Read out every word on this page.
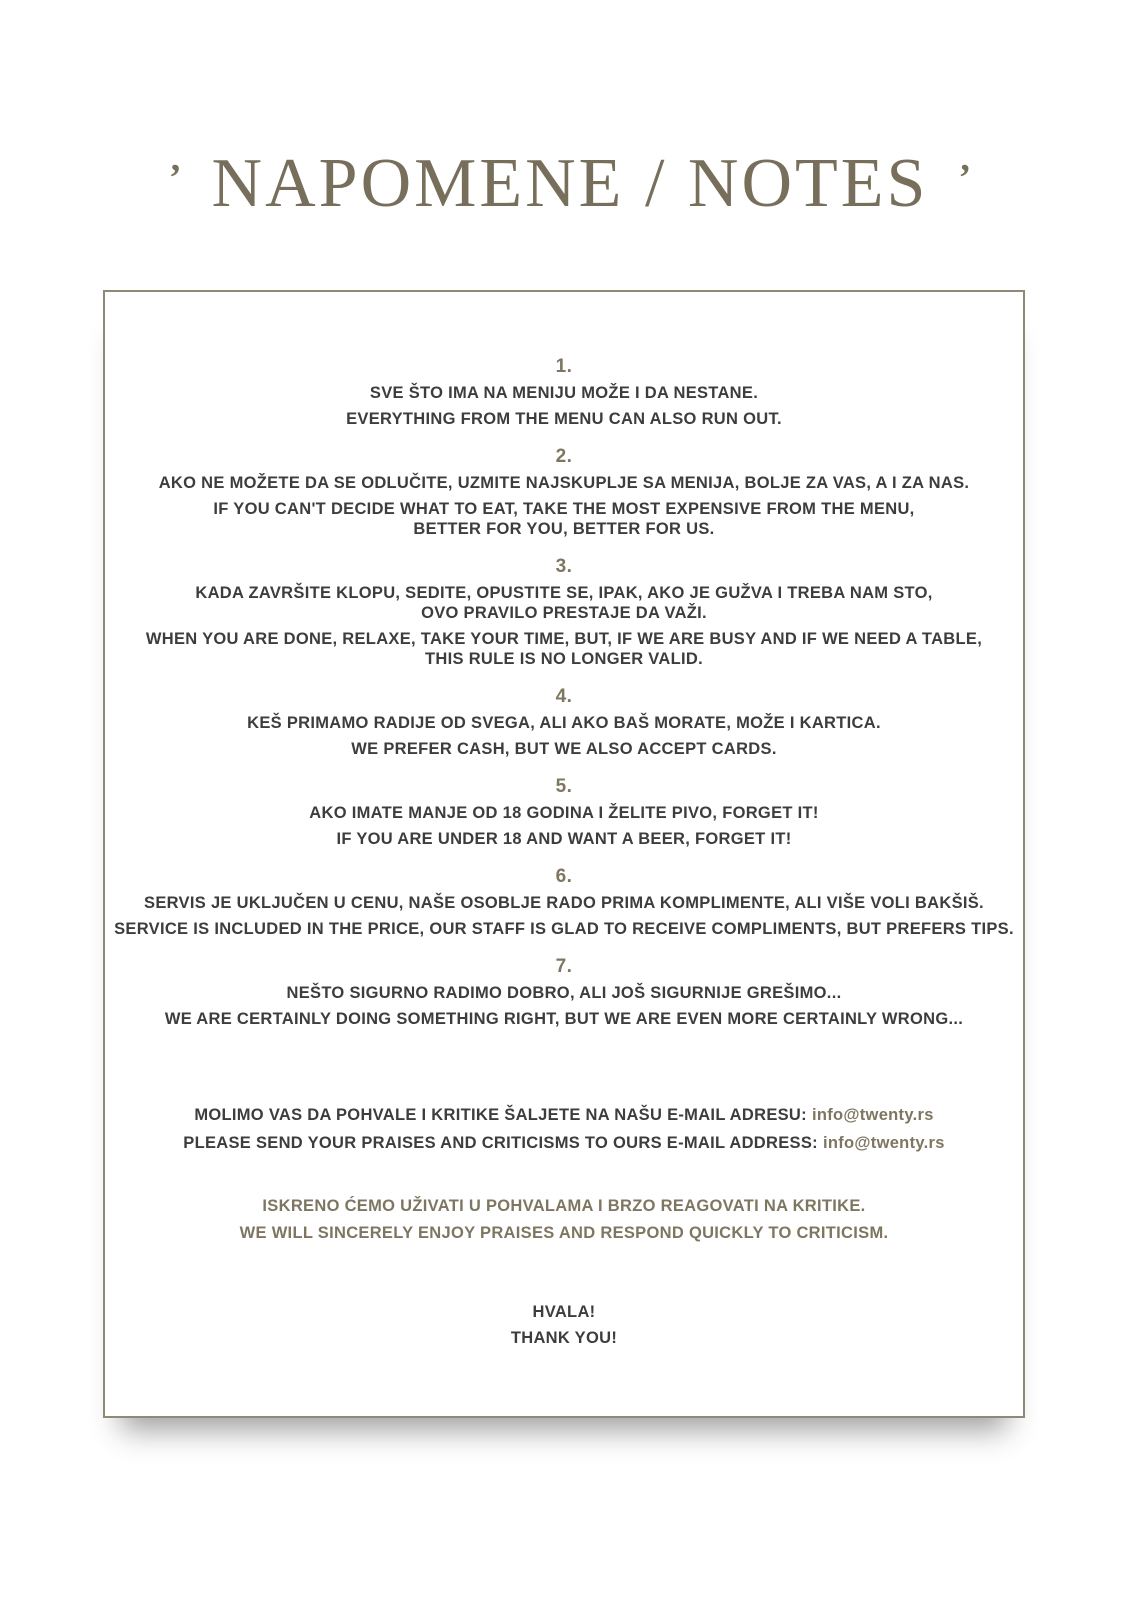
’ NAPOMENE / NOTES ’
1.
SVE ŠTO IMA NA MENIJU MOŽE I DA NESTANE.
EVERYTHING FROM THE MENU CAN ALSO RUN OUT.
2.
AKO NE MOŽETE DA SE ODLUČITE, UZMITE NAJSKUPLJE SA MENIJA, BOLJE ZA VAS, A I ZA NAS.
IF YOU CAN'T DECIDE WHAT TO EAT, TAKE THE MOST EXPENSIVE FROM THE MENU,
BETTER FOR YOU, BETTER FOR US.
3.
KADA ZAVRŠITE KLOPU, SEDITE, OPUSTITE SE, IPAK, AKO JE GUŽVA I TREBA NAM STO,
OVO PRAVILO PRESTAJE DA VAŽI.
WHEN YOU ARE DONE, RELAXE, TAKE YOUR TIME, BUT, IF WE ARE BUSY AND IF WE NEED A TABLE,
THIS RULE IS NO LONGER VALID.
4.
KEŠ PRIMAMO RADIJE OD SVEGA, ALI AKO BAŠ MORATE, MOŽE I KARTICA.
WE PREFER CASH, BUT WE ALSO ACCEPT CARDS.
5.
AKO IMATE MANJE OD 18 GODINA I ŽELITE PIVO, FORGET IT!
IF YOU ARE UNDER 18 AND WANT A BEER, FORGET IT!
6.
SERVIS JE UKLJUČEN U CENU, NAŠE OSOBLJE RADO PRIMA KOMPLIMENTE, ALI VIŠE VOLI BAKŠIŠ.
SERVICE IS INCLUDED IN THE PRICE, OUR STAFF IS GLAD TO RECEIVE COMPLIMENTS, BUT PREFERS TIPS.
7.
NEŠTO SIGURNO RADIMO DOBRO, ALI JOŠ SIGURNIJE GREŠIMO...
WE ARE CERTAINLY DOING SOMETHING RIGHT, BUT WE ARE EVEN MORE CERTAINLY WRONG...
MOLIMO VAS DA POHVALE I KRITIKE ŠALJETE NA NAŠU E-MAIL ADRESU: info@twenty.rs
PLEASE SEND YOUR PRAISES AND CRITICISMS TO OURS E-MAIL ADDRESS: info@twenty.rs
ISKRENO ĆEMO UŽIVATI U POHVALAMA I BRZO REAGOVATI NA KRITIKE.
WE WILL SINCERELY ENJOY PRAISES AND RESPOND QUICKLY TO CRITICISM.
HVALA!
THANK YOU!
